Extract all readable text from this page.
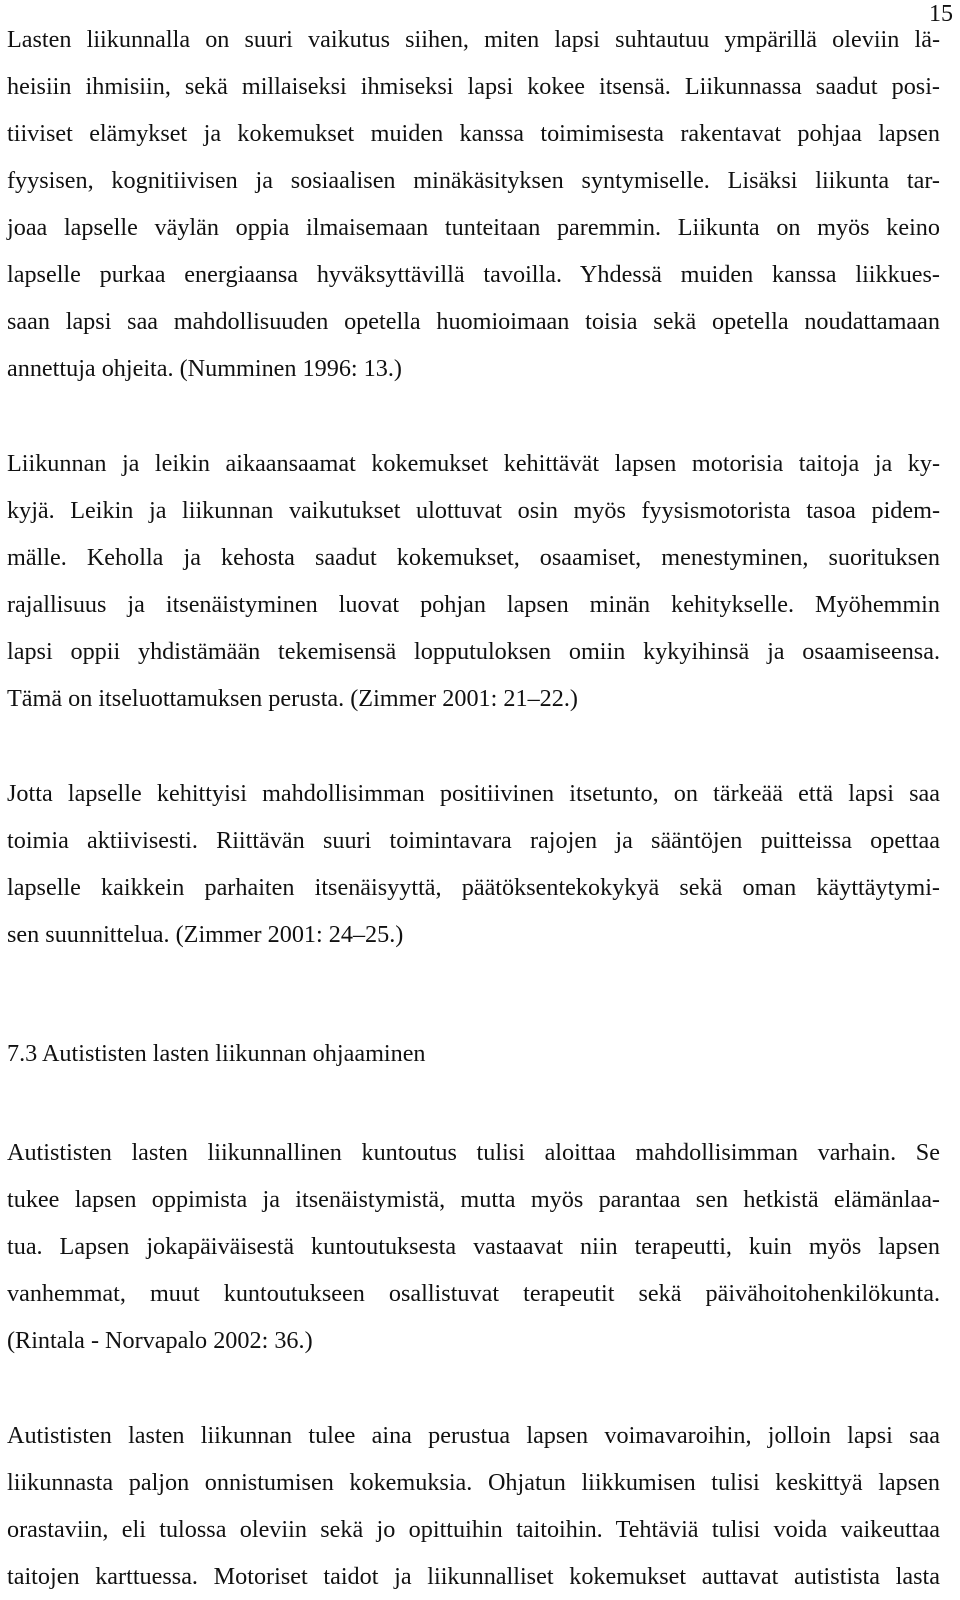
15
Lasten liikunnalla on suuri vaikutus siihen, miten lapsi suhtautuu ympärillä oleviin lä-
heisiin ihmisiin, sekä millaiseksi ihmiseksi lapsi kokee itsensä. Liikunnassa saadut posi-
tiiviset elämykset ja kokemukset muiden kanssa toimimisesta rakentavat pohjaa lapsen
fyysisen, kognitiivisen ja sosiaalisen minäkäsityksen syntymiselle. Lisäksi liikunta tar-
joaa lapselle väylän oppia ilmaisemaan tunteitaan paremmin. Liikunta on myös keino
lapselle purkaa energiaansa hyväksyttävillä tavoilla. Yhdessä muiden kanssa liikkues-
saan lapsi saa mahdollisuuden opetella huomioimaan toisia sekä opetella noudattamaan
annettuja ohjeita. (Numminen 1996: 13.)
Liikunnan ja leikin aikaansaamat kokemukset kehittävät lapsen motorisia taitoja ja ky-
kyjä. Leikin ja liikunnan vaikutukset ulottuvat osin myös fyysismotorista tasoa pidem-
mälle. Keholla ja kehosta saadut kokemukset, osaamiset, menestyminen, suorituksen
rajallisuus ja itsenäistyminen luovat pohjan lapsen minän kehitykselle. Myöhemmin
lapsi oppii yhdistämään tekemisensä lopputuloksen omiin kykyihinsä ja osaamiseensa.
Tämä on itseluottamuksen perusta. (Zimmer 2001: 21–22.)
Jotta lapselle kehittyisi mahdollisimman positiivinen itsetunto, on tärkeää että lapsi saa
toimia aktiivisesti. Riittävän suuri toimintavara rajojen ja sääntöjen puitteissa opettaa
lapselle kaikkein parhaiten itsenäisyyttä, päätöksentekokykyä sekä oman käyttäytymi-
sen suunnittelua. (Zimmer 2001: 24–25.)
7.3 Autististen lasten liikunnan ohjaaminen
Autististen lasten liikunnallinen kuntoutus tulisi aloittaa mahdollisimman varhain. Se
tukee lapsen oppimista ja itsenäistymistä, mutta myös parantaa sen hetkistä elämänlaa-
tua. Lapsen jokapäiväisestä kuntoutuksesta vastaavat niin terapeutti, kuin myös lapsen
vanhemmat, muut kuntoutukseen osallistuvat terapeutit sekä päivähoitohenkilökunta.
(Rintala - Norvapalo 2002: 36.)
Autististen lasten liikunnan tulee aina perustua lapsen voimavaroihin, jolloin lapsi saa
liikunnasta paljon onnistumisen kokemuksia. Ohjatun liikkumisen tulisi keskittyä lapsen
orastaviin, eli tulossa oleviin sekä jo opittuihin taitoihin. Tehtäviä tulisi voida vaikeuttaa
taitojen karttuessa. Motoriset taidot ja liikunnalliset kokemukset auttavat autistista lasta
